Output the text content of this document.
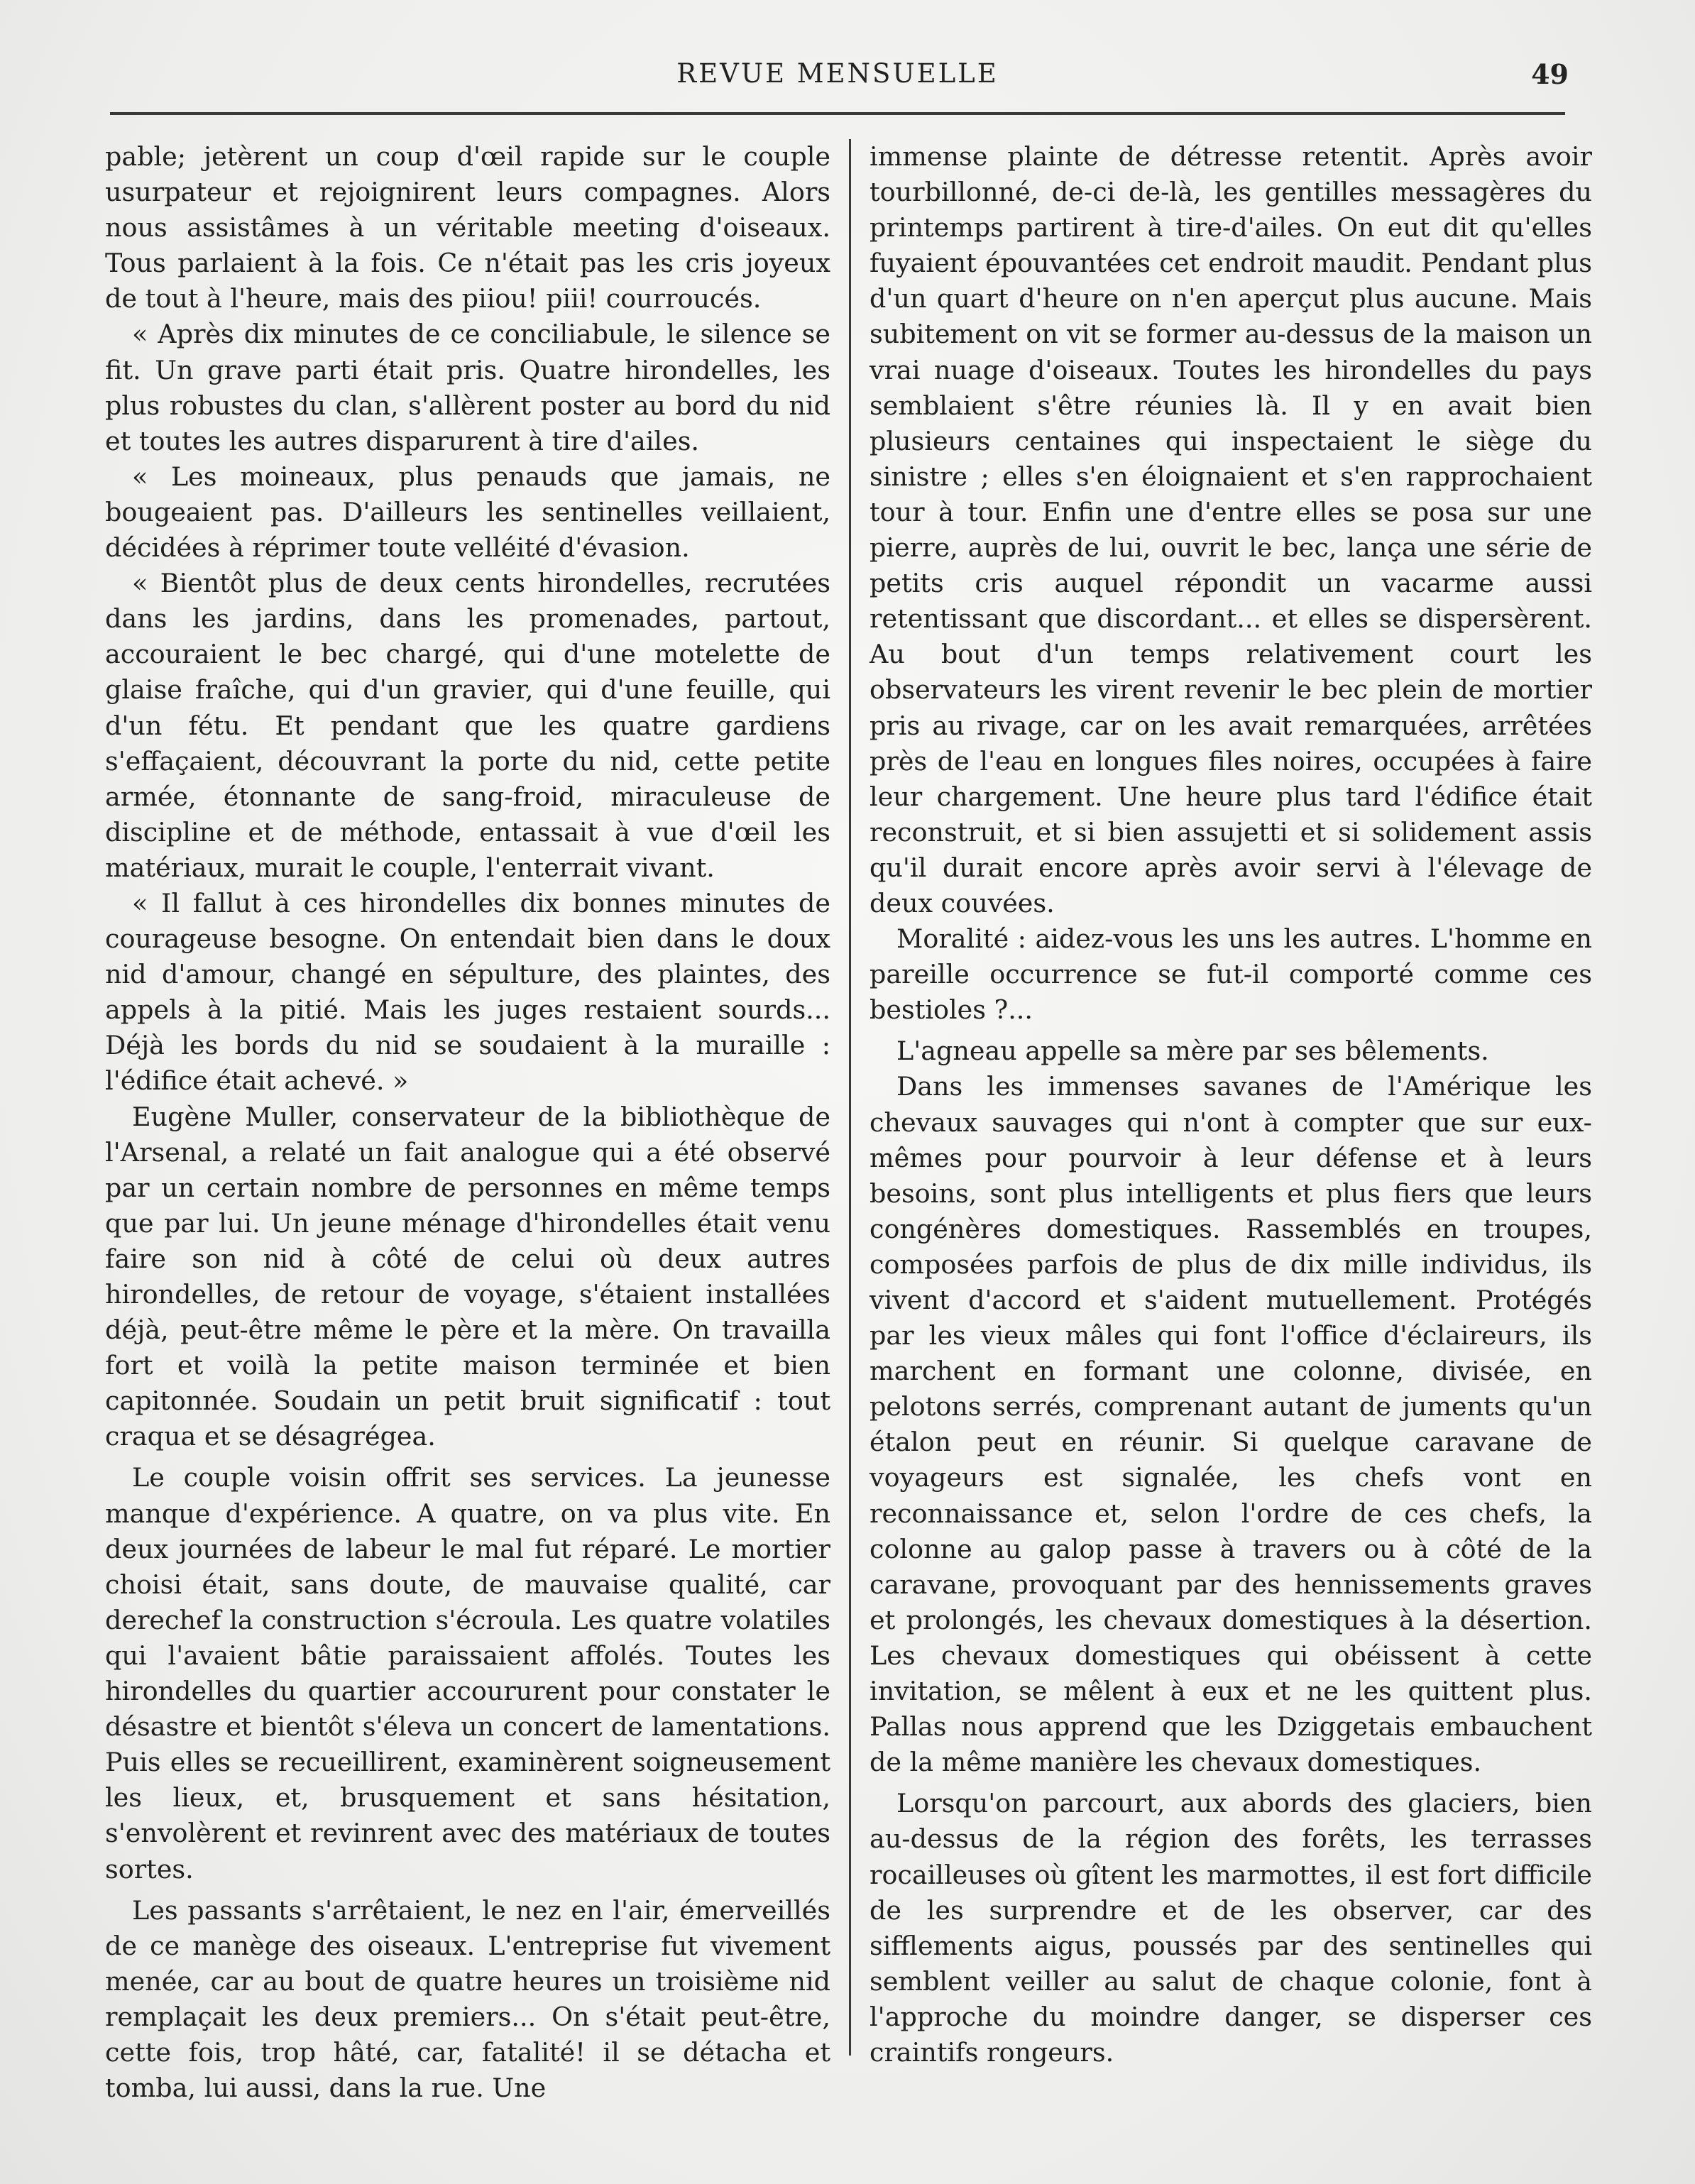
REVUE MENSUELLE	49

pable; jetèrent un coup d'œil rapide sur le couple usurpateur et rejoignirent leurs compagnes. Alors nous assistâmes à un véritable meeting d'oiseaux. Tous parlaient à la fois. Ce n'était pas les cris joyeux de tout à l'heure, mais des piiou! piii! courroucés.

« Après dix minutes de ce conciliabule, le silence se fit. Un grave parti était pris. Quatre hirondelles, les plus robustes du clan, s'allèrent poster au bord du nid et toutes les autres disparurent à tire d'ailes.

« Les moineaux, plus penauds que jamais, ne bougeaient pas. D'ailleurs les sentinelles veillaient, décidées à réprimer toute velléité d'évasion.

« Bientôt plus de deux cents hirondelles, recrutées dans les jardins, dans les promenades, partout, accouraient le bec chargé, qui d'une motelette de glaise fraîche, qui d'un gravier, qui d'une feuille, qui d'un fétu. Et pendant que les quatre gardiens s'effaçaient, découvrant la porte du nid, cette petite armée, étonnante de sang-froid, miraculeuse de discipline et de méthode, entassait à vue d'œil les matériaux, murait le couple, l'enterrait vivant.

« Il fallut à ces hirondelles dix bonnes minutes de courageuse besogne. On entendait bien dans le doux nid d'amour, changé en sépulture, des plaintes, des appels à la pitié. Mais les juges restaient sourds... Déjà les bords du nid se soudaient à la muraille : l'édifice était achevé. »

Eugène Muller, conservateur de la bibliothèque de l'Arsenal, a relaté un fait analogue qui a été observé par un certain nombre de personnes en même temps que par lui. Un jeune ménage d'hirondelles était venu faire son nid à côté de celui où deux autres hirondelles, de retour de voyage, s'étaient installées déjà, peut-être même le père et la mère. On travailla fort et voilà la petite maison terminée et bien capitonnée. Soudain un petit bruit significatif : tout craqua et se désagrégea.

Le couple voisin offrit ses services. La jeunesse manque d'expérience. A quatre, on va plus vite. En deux journées de labeur le mal fut réparé. Le mortier choisi était, sans doute, de mauvaise qualité, car derechef la construction s'écroula. Les quatre volatiles qui l'avaient bâtie paraissaient affolés. Toutes les hirondelles du quartier accoururent pour constater le désastre et bientôt s'éleva un concert de lamentations. Puis elles se recueillirent, examinèrent soigneusement les lieux, et, brusquement et sans hésitation, s'envolèrent et revinrent avec des matériaux de toutes sortes.

Les passants s'arrêtaient, le nez en l'air, émerveillés de ce manège des oiseaux. L'entreprise fut vivement menée, car au bout de quatre heures un troisième nid remplaçait les deux premiers... On s'était peut-être, cette fois, trop hâté, car, fatalité! il se détacha et tomba, lui aussi, dans la rue. Une

immense plainte de détresse retentit. Après avoir tourbillonné, de-ci de-là, les gentilles messagères du printemps partirent à tire-d'ailes. On eut dit qu'elles fuyaient épouvantées cet endroit maudit. Pendant plus d'un quart d'heure on n'en aperçut plus aucune. Mais subitement on vit se former au-dessus de la maison un vrai nuage d'oiseaux. Toutes les hirondelles du pays semblaient s'être réunies là. Il y en avait bien plusieurs centaines qui inspectaient le siège du sinistre ; elles s'en éloignaient et s'en rapprochaient tour à tour. Enfin une d'entre elles se posa sur une pierre, auprès de lui, ouvrit le bec, lança une série de petits cris auquel répondit un vacarme aussi retentissant que discordant... et elles se dispersèrent. Au bout d'un temps relativement court les observateurs les virent revenir le bec plein de mortier pris au rivage, car on les avait remarquées, arrêtées près de l'eau en longues files noires, occupées à faire leur chargement. Une heure plus tard l'édifice était reconstruit, et si bien assujetti et si solidement assis qu'il durait encore après avoir servi à l'élevage de deux couvées.

Moralité : aidez-vous les uns les autres. L'homme en pareille occurrence se fut-il comporté comme ces bestioles ?...

L'agneau appelle sa mère par ses bêlements.

Dans les immenses savanes de l'Amérique les chevaux sauvages qui n'ont à compter que sur eux-mêmes pour pourvoir à leur défense et à leurs besoins, sont plus intelligents et plus fiers que leurs congénères domestiques. Rassemblés en troupes, composées parfois de plus de dix mille individus, ils vivent d'accord et s'aident mutuellement. Protégés par les vieux mâles qui font l'office d'éclaireurs, ils marchent en formant une colonne, divisée, en pelotons serrés, comprenant autant de juments qu'un étalon peut en réunir. Si quelque caravane de voyageurs est signalée, les chefs vont en reconnaissance et, selon l'ordre de ces chefs, la colonne au galop passe à travers ou à côté de la caravane, provoquant par des hennissements graves et prolongés, les chevaux domestiques à la désertion. Les chevaux domestiques qui obéissent à cette invitation, se mêlent à eux et ne les quittent plus. Pallas nous apprend que les Dziggetais embauchent de la même manière les chevaux domestiques.

Lorsqu'on parcourt, aux abords des glaciers, bien au-dessus de la région des forêts, les terrasses rocailleuses où gîtent les marmottes, il est fort difficile de les surprendre et de les observer, car des sifflements aigus, poussés par des sentinelles qui semblent veiller au salut de chaque colonie, font à l'approche du moindre danger, se disperser ces craintifs rongeurs.
